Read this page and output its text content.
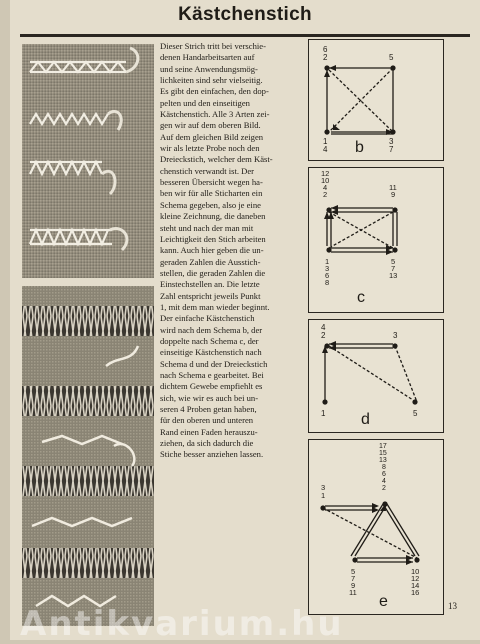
Kästchenstich
Dieser Strich tritt bei verschie-
denen Handarbeitsarten auf
und seine Anwendungsmög-
lichkeiten sind sehr vielseitig.
Es gibt den einfachen, den dop-
pelten und den einseitigen
Kästchenstich. Alle 3 Arten zei-
gen wir auf dem oberen Bild.
Auf dem gleichen Bild zeigen
wir als letzte Probe noch den
Dreieckstich, welcher dem Käst-
chenstich verwandt ist. Der
besseren Übersicht wegen ha-
ben wir für alle Sticharten ein
Schema gegeben, also je eine
kleine Zeichnung, die daneben
steht und nach der man mit
Leichtigkeit den Stich arbeiten
kann. Auch hier geben die un-
geraden Zahlen die Ausstich-
stellen, die geraden Zahlen die
Einstechstellen an. Die letzte
Zahl entspricht jeweils Punkt
1, mit dem man wieder beginnt.
Der einfache Kästchenstich
wird nach dem Schema b, der
doppelte nach Schema c, der
einseitige Kästchenstich nach
Schema d und der Dreieckstich
nach Schema e gearbeitet. Bei
dichtem Gewebe empfiehlt es
sich, wie wir es auch bei un-
seren 4 Proben getan haben,
für den oberen und unteren
Rand einen Faden herauszu-
ziehen, da sich dadurch die
Stiche besser anziehen lassen.
6
2	5
1
4
3
7
b
12
10
4
2
11
9
1
3
6
8
5
7
13
c
4
2	3
1	5
d
17
15
13
8
6
4
2
3
1
5
7
9
11
10
12
14
16
e	13
Antikvarium.hu
